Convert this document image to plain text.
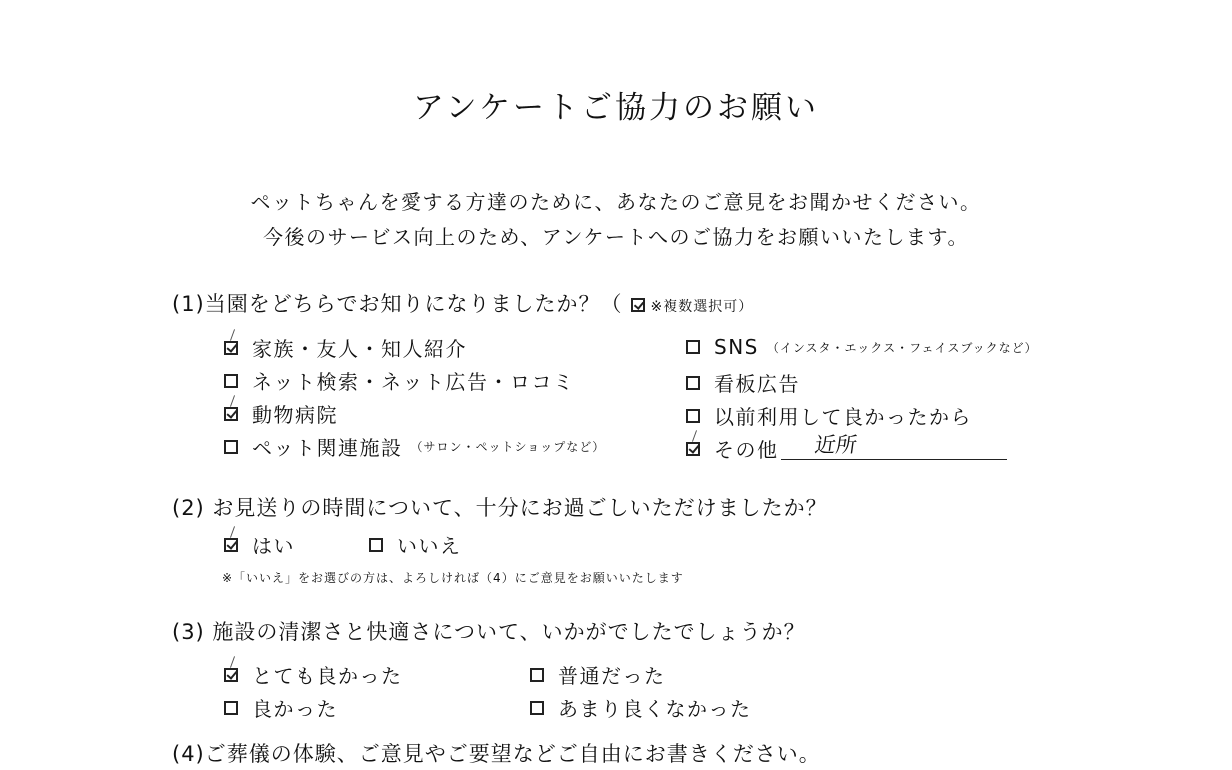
アンケートご協力のお願い
ペットちゃんを愛する方達のために、あなたのご意見をお聞かせください。
今後のサービス向上のため、アンケートへのご協力をお願いいたします。
(1)当園をどちらでお知りになりましたか？（ ※複数選択可）
家族・友人・知人紹介
ネット検索・ネット広告・ロコミ
動物病院
ペット関連施設 （サロン・ペットショップなど）
SNS （インスタ・エックス・フェイスブックなど）
看板広告
以前利用して良かったから
その他 近所
(2) お見送りの時間について、十分にお過ごしいただけましたか？
はい	いいえ
※「いいえ」をお選びの方は、よろしければ（4）にご意見をお願いいたします
(3) 施設の清潔さと快適さについて、いかがでしたでしょうか？
とても良かった	普通だった
良かった	あまり良くなかった
(4)ご葬儀の体験、ご意見やご要望などご自由にお書きください。
